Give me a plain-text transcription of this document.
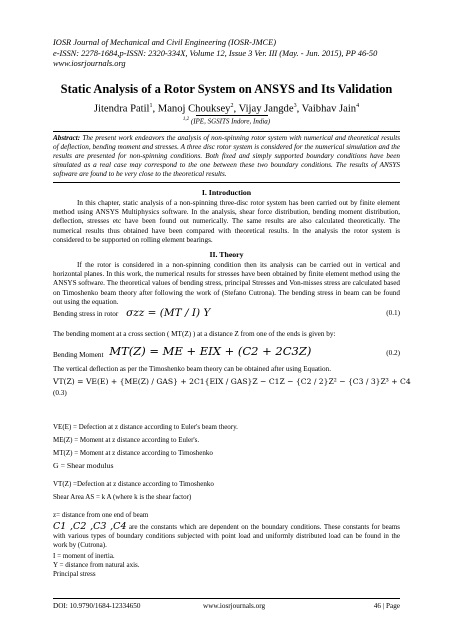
IOSR Journal of Mechanical and Civil Engineering (IOSR-JMCE)
e-ISSN: 2278-1684,p-ISSN: 2320-334X, Volume 12, Issue 3 Ver. III (May. - Jun. 2015), PP 46-50
www.iosrjournals.org
Static Analysis of a Rotor System on ANSYS and Its Validation
Jitendra Patil$^1$, Manoj Chouksey$^2$, Vijay Jangde$^3$, Vaibhav Jain$^4$
$^{1,2}$ (IPE, SGSITS Indore, India)
Abstract: The present work endeavors the analysis of non-spinning rotor system with numerical and theoretical results of deflection, bending moment and stresses. A three disc rotor system is considered for the numerical simulation and the results are presented for non-spinning conditions. Both fixed and simply supported boundary conditions have been simulated as a real case may correspond to the one between these two boundary conditions. The results of ANSYS software are found to be very close to the theoretical results.
I. Introduction
In this chapter, static analysis of a non-spinning three-disc rotor system has been carried out by finite element method using ANSYS Multiphysics software. In the analysis, shear force distribution, bending moment distribution, deflection, stresses etc have been found out numerically. The same results are also calculated theoretically. The numerical results thus obtained have been compared with theoretical results. In the analysis the rotor system is considered to be supported on rolling element bearings.
II. Theory
If the rotor is considered in a non-spinning condition then its analysis can be carried out in vertical and horizontal planes. In this work, the numerical results for stresses have been obtained by finite element method using the ANSYS software. The theoretical values of bending stress, principal Stresses and Von-misses stress are calculated based on Timoshenko beam theory after following the work of (Stefano Cutrona). The bending stress in beam can be found out using the equation.
Bending stress in rotor σzz = (MT / I) Y	(0.1)
The bending moment at a cross section ( MT(Z) ) at a distance Z from one of the ends is given by:
Bending Moment MT(Z) = ME + EIX + (C2 + 2C3Z)	(0.2)
The vertical deflection as per the Timoshenko beam theory can be obtained after using Equation.
VT(Z) = VE(E) + {ME(Z) / GAS} + 2C1{EIX / GAS}Z − C1Z − {C2 / 2}Z² − {C3 / 3}Z³ + C4
(0.3)
VE(E) = Defection at z distance according to Euler's beam theory.
ME(Z) = Moment at z distance according to Euler's.
MT(Z) = Moment at z distance according to Timoshenko
G = Shear modulus
VT(Z) =Defection at z distance according to Timoshenko
Shear Area AS = k A (where k is the shear factor)
z= distance from one end of beam
C1 ,C2 ,C3 ,C4 are the constants which are dependent on the boundary conditions. These constants for beams with various types of boundary conditions subjected with point load and uniformly distributed load can be found in the work by (Cutrona).
I = moment of inertia.
Y = distance from natural axis.
Principal stress
DOI: 10.9790/1684-12334650	www.iosrjournals.org	46 | Page
